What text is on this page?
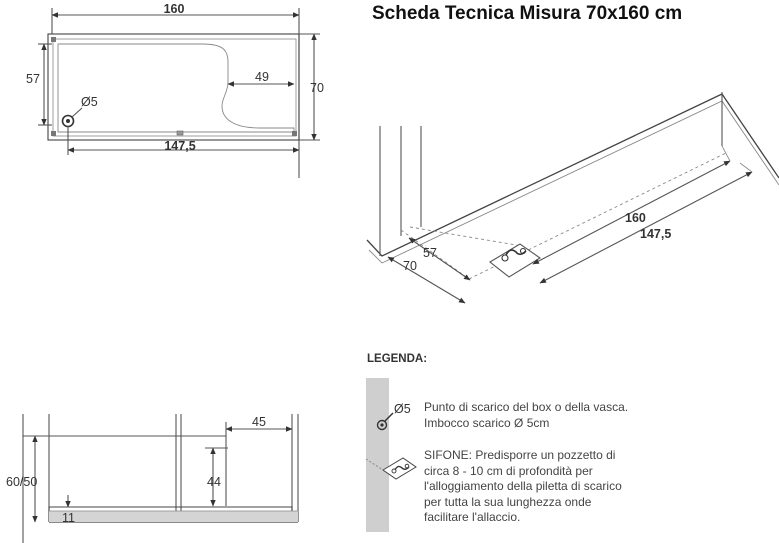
160
57
70
49
Ø5
147,5
160
147,5
57
70
45
44
60/50
11
Ø5
Scheda Tecnica Misura 70x160 cm
LEGENDA:
Punto di scarico del box o della vasca. Imbocco scarico Ø 5cm
SIFONE: Predisporre un pozzetto di circa 8 - 10 cm di profondità per l'alloggiamento della piletta di scarico per tutta la sua lunghezza onde facilitare l'allaccio.
